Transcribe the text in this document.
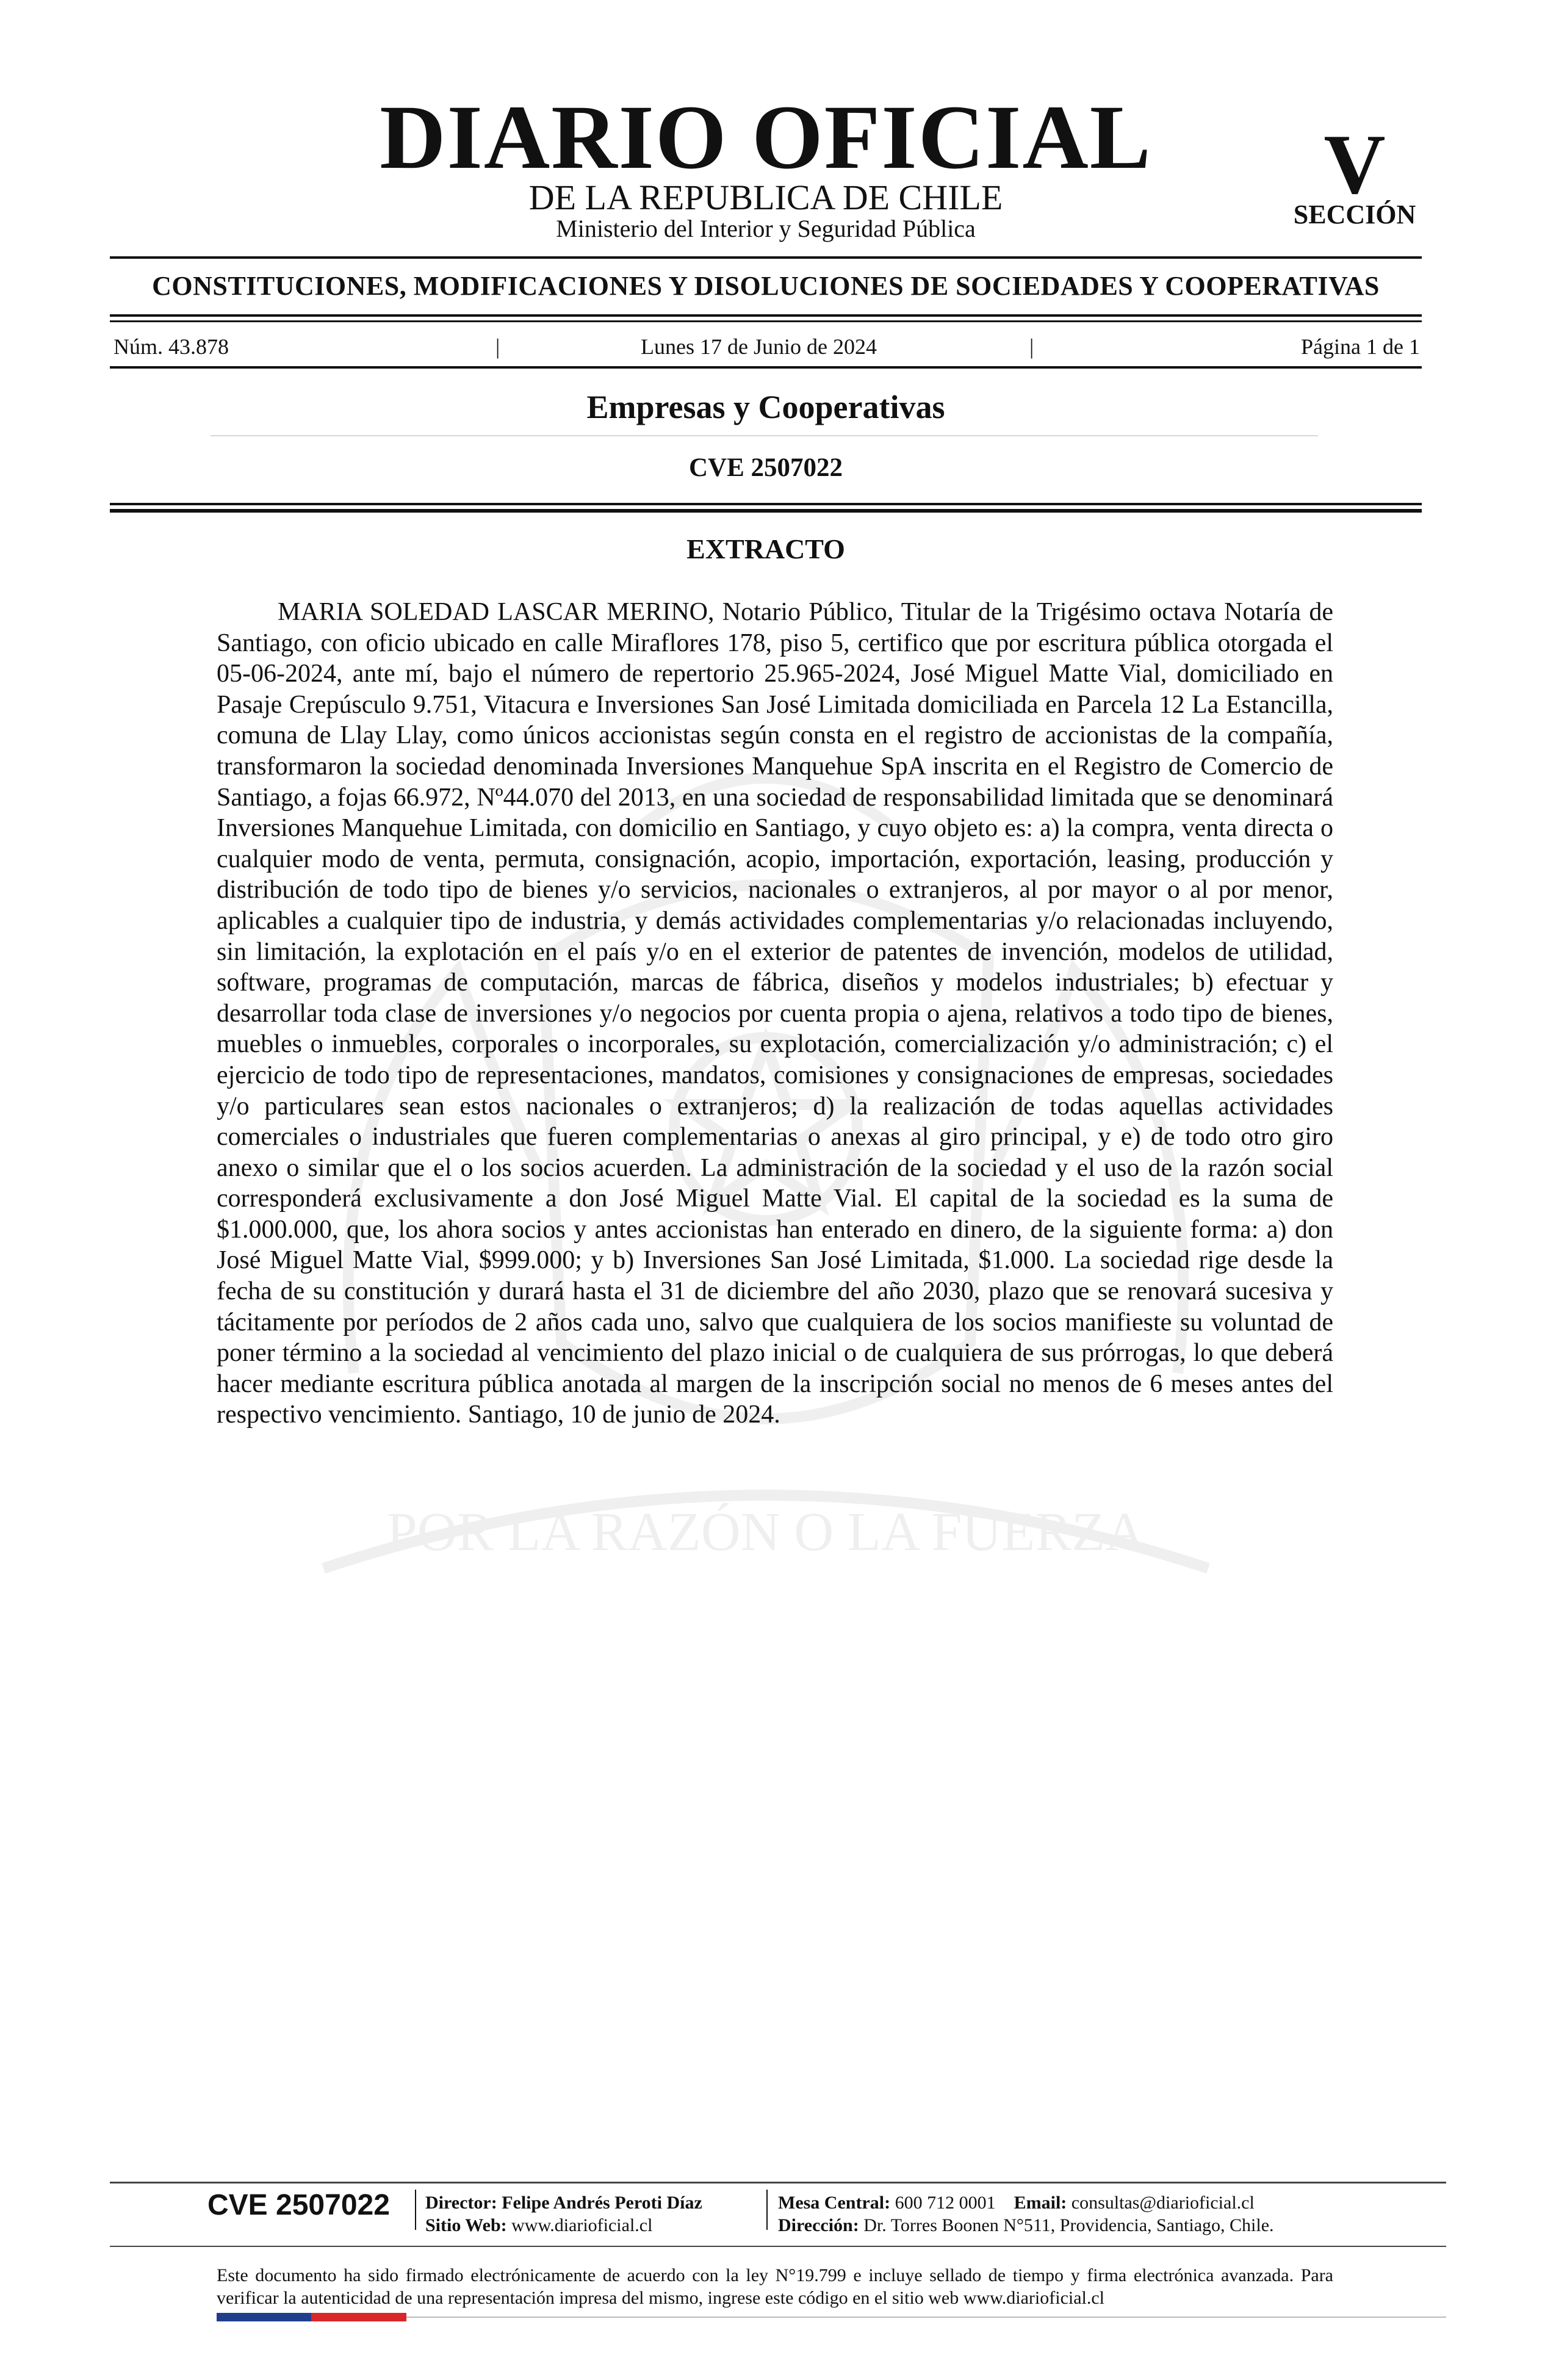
DIARIO OFICIAL
DE LA REPUBLICA DE CHILE
Ministerio del Interior y Seguridad Pública
V
SECCIÓN
CONSTITUCIONES, MODIFICACIONES Y DISOLUCIONES DE SOCIEDADES Y COOPERATIVAS
Núm. 43.878	|	Lunes 17 de Junio de 2024	|	Página 1 de 1
Empresas y Cooperativas
CVE 2507022
POR LA RAZÓN O LA FUERZA
EXTRACTO

MARIA SOLEDAD LASCAR MERINO, Notario Público, Titular de la Trigésimo octava Notaría de Santiago, con oficio ubicado en calle Miraflores 178, piso 5, certifico que por escritura pública otorgada el 05-06-2024, ante mí, bajo el número de repertorio 25.965-2024, José Miguel Matte Vial, domiciliado en Pasaje Crepúsculo 9.751, Vitacura e Inversiones San José Limitada domiciliada en Parcela 12 La Estancilla, comuna de Llay Llay, como únicos accionistas según consta en el registro de accionistas de la compañía, transformaron la sociedad denominada Inversiones Manquehue SpA inscrita en el Registro de Comercio de Santiago, a fojas 66.972, Nº44.070 del 2013, en una sociedad de responsabilidad limitada que se denominará Inversiones Manquehue Limitada, con domicilio en Santiago, y cuyo objeto es: a) la compra, venta directa o cualquier modo de venta, permuta, consignación, acopio, importación, exportación, leasing, producción y distribución de todo tipo de bienes y/o servicios, nacionales o extranjeros, al por mayor o al por menor, aplicables a cualquier tipo de industria, y demás actividades complementarias y/o relacionadas incluyendo, sin limitación, la explotación en el país y/o en el exterior de patentes de invención, modelos de utilidad, software, programas de computación, marcas de fábrica, diseños y modelos industriales; b) efectuar y desarrollar toda clase de inversiones y/o negocios por cuenta propia o ajena, relativos a todo tipo de bienes, muebles o inmuebles, corporales o incorporales, su explotación, comercialización y/o administración; c) el ejercicio de todo tipo de representaciones, mandatos, comisiones y consignaciones de empresas, sociedades y/o particulares sean estos nacionales o extranjeros; d) la realización de todas aquellas actividades comerciales o industriales que fueren complementarias o anexas al giro principal, y e) de todo otro giro anexo o similar que el o los socios acuerden. La administración de la sociedad y el uso de la razón social corresponderá exclusivamente a don José Miguel Matte Vial. El capital de la sociedad es la suma de $1.000.000, que, los ahora socios y antes accionistas han enterado en dinero, de la siguiente forma: a) don José Miguel Matte Vial, $999.000; y b) Inversiones San José Limitada, $1.000. La sociedad rige desde la fecha de su constitución y durará hasta el 31 de diciembre del año 2030, plazo que se renovará sucesiva y tácitamente por períodos de 2 años cada uno, salvo que cualquiera de los socios manifieste su voluntad de poner término a la sociedad al vencimiento del plazo inicial o de cualquiera de sus prórrogas, lo que deberá hacer mediante escritura pública anotada al margen de la inscripción social no menos de 6 meses antes del respectivo vencimiento. Santiago, 10 de junio de 2024.

CVE 2507022	Director: Felipe Andrés Peroti Díaz
Sitio Web: www.diarioficial.cl
Mesa Central: 600 712 0001 Email: consultas@diarioficial.cl
Dirección: Dr. Torres Boonen N°511, Providencia, Santiago, Chile.

Este documento ha sido firmado electrónicamente de acuerdo con la ley N°19.799 e incluye sellado de tiempo y firma electrónica avanzada. Para verificar la autenticidad de una representación impresa del mismo, ingrese este código en el sitio web www.diarioficial.cl
